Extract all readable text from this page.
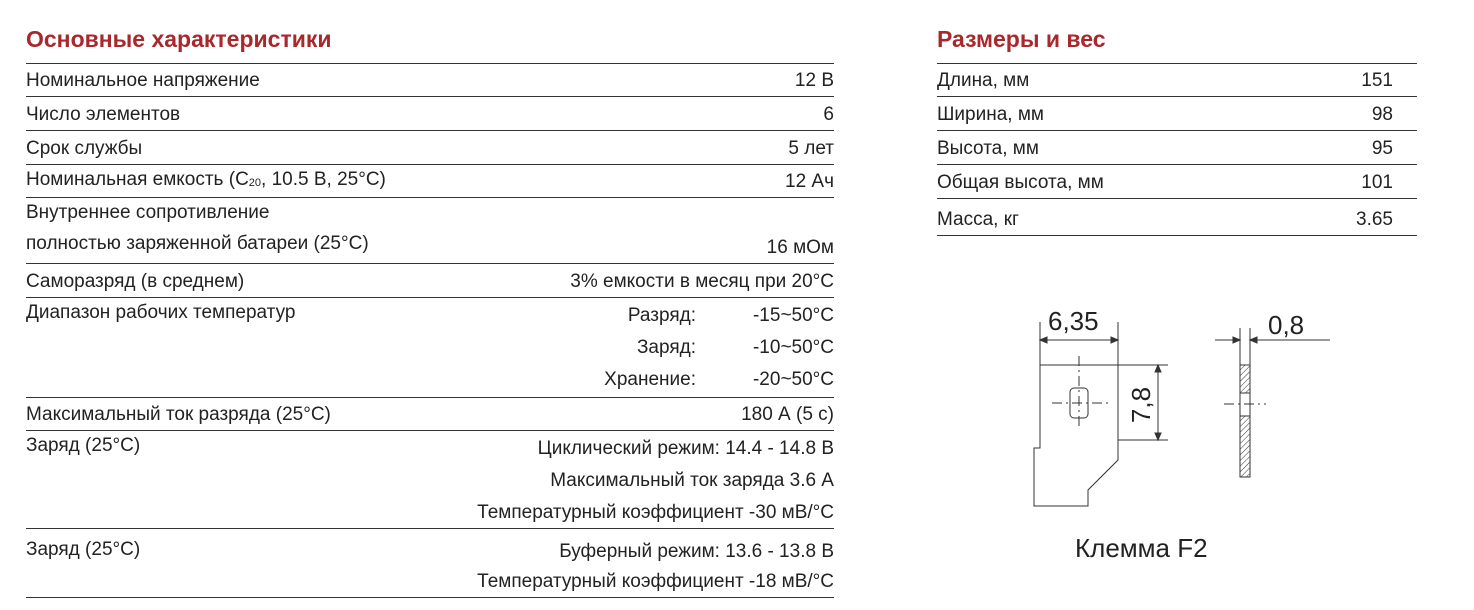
Основные характеристики
Номинальное напряжение	12 В
Число элементов	6
Срок службы	5 лет
Номинальная емкость ($С_{20}$, 10.5 В, 25°С)	12 Ач
Внутреннее сопротивление
полностью заряженной батареи (25°С)	16 мОм
Саморазряд (в среднем)	3% емкости в месяц при 20°С
Диапазон рабочих температур	Разряд:	-15~50°С
Заряд:	-10~50°С
Хранение:	-20~50°С
Максимальный ток разряда (25°С)	180 А (5 с)
Заряд (25°С)	Циклический режим: 14.4 - 14.8 В
Максимальный ток заряда 3.6 А
Температурный коэффициент -30 мВ/°С
Заряд (25°С)	Буферный режим: 13.6 - 13.8 В
Температурный коэффициент -18 мВ/°С
Размеры и вес
Длина, мм	151
Ширина, мм	98
Высота, мм	95
Общая высота, мм	101
Масса, кг	3.65
6,35
7,8
0,8
Клемма F2
